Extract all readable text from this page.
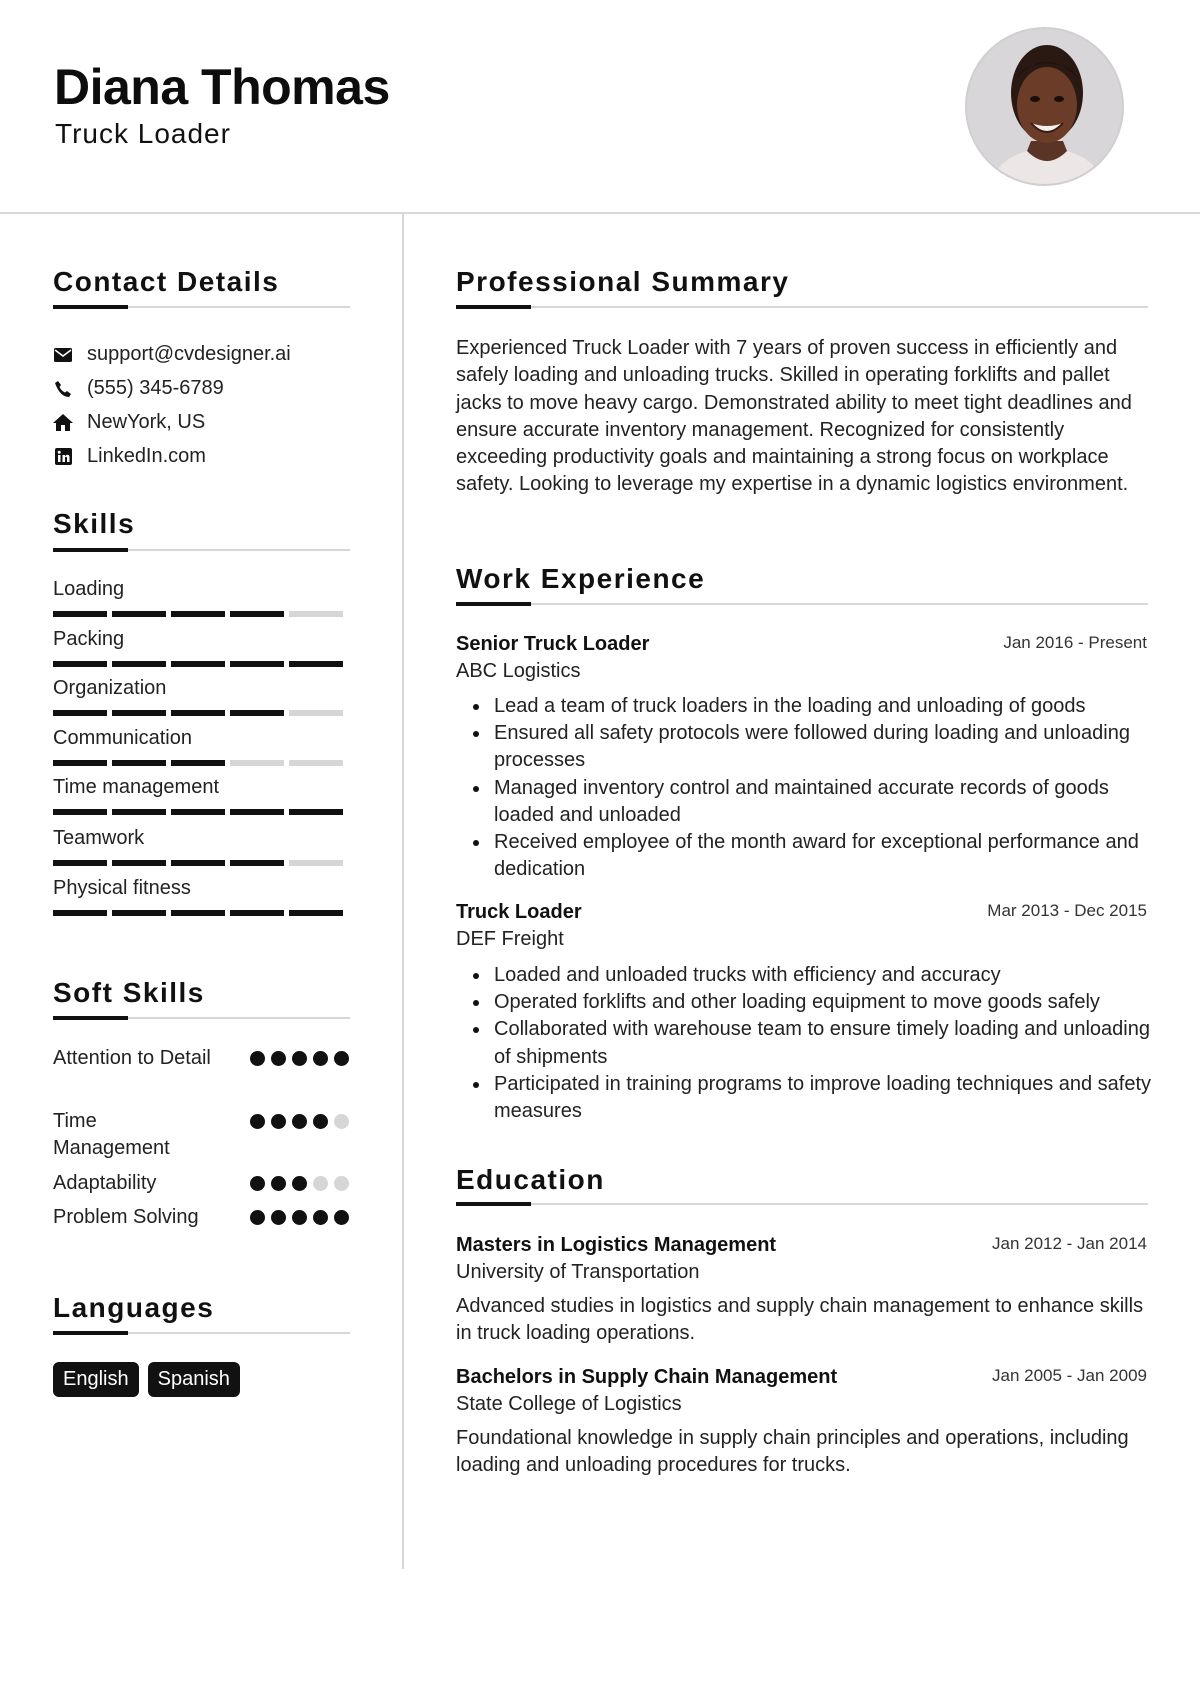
Diana Thomas
Truck Loader
Contact Details
support@cvdesigner.ai
(555) 345-6789
NewYork, US
LinkedIn.com
Skills
Loading
Packing
Organization
Communication
Time management
Teamwork
Physical fitness
Soft Skills
Attention to Detail
Time Management
Adaptability
Problem Solving
Languages
English	Spanish
Professional Summary
Experienced Truck Loader with 7 years of proven success in efficiently and safely loading and unloading trucks. Skilled in operating forklifts and pallet jacks to move heavy cargo. Demonstrated ability to meet tight deadlines and ensure accurate inventory management. Recognized for consistently exceeding productivity goals and maintaining a strong focus on workplace safety. Looking to leverage my expertise in a dynamic logistics environment.
Work Experience
Senior Truck Loader	Jan 2016 - Present
ABC Logistics
Lead a team of truck loaders in the loading and unloading of goods
Ensured all safety protocols were followed during loading and unloading processes
Managed inventory control and maintained accurate records of goods loaded and unloaded
Received employee of the month award for exceptional performance and dedication
Truck Loader	Mar 2013 - Dec 2015
DEF Freight
Loaded and unloaded trucks with efficiency and accuracy
Operated forklifts and other loading equipment to move goods safely
Collaborated with warehouse team to ensure timely loading and unloading of shipments
Participated in training programs to improve loading techniques and safety measures
Education
Masters in Logistics Management	Jan 2012 - Jan 2014
University of Transportation
Advanced studies in logistics and supply chain management to enhance skills in truck loading operations.
Bachelors in Supply Chain Management	Jan 2005 - Jan 2009
State College of Logistics
Foundational knowledge in supply chain principles and operations, including loading and unloading procedures for trucks.
